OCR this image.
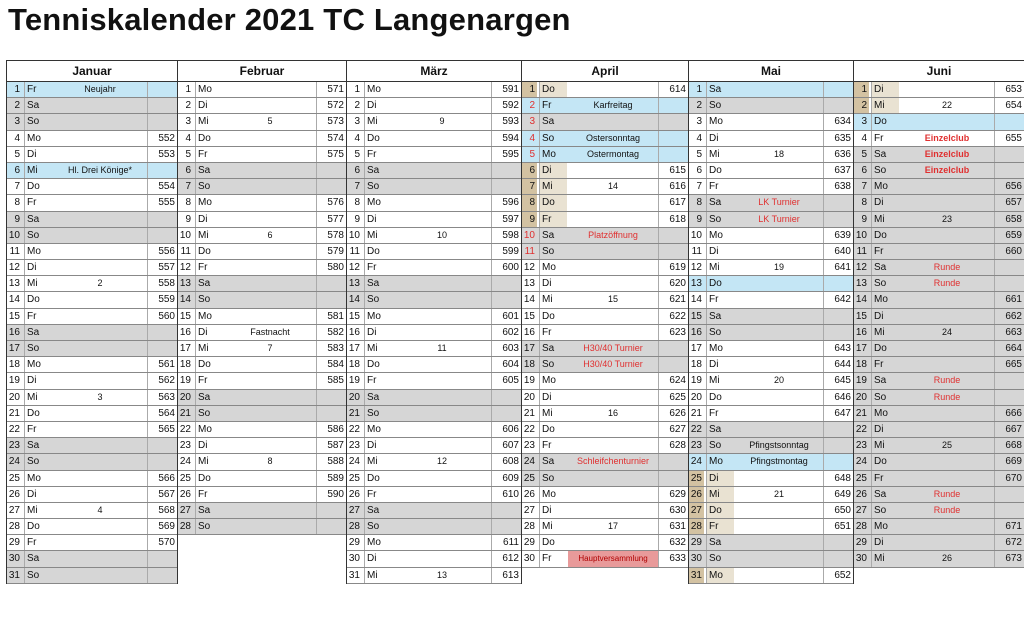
Tenniskalender 2021 TC Langenargen
Januar
1 Fr	Neujahr
2 Sa
3 So
4 Mo	552
5 Di	553
6 Mi	Hl. Drei Könige*
7 Do	554
8 Fr	555
9 Sa
10 So
11 Mo	556
12 Di	557
13 Mi	2	558
14 Do	559
15 Fr	560
16 Sa
17 So
18 Mo	561
19 Di	562
20 Mi	3	563
21 Do	564
22 Fr	565
23 Sa
24 So
25 Mo	566
26 Di	567
27 Mi	4	568
28 Do	569
29 Fr	570
30 Sa
31 So
Februar
1 Mo	571
2 Di	572
3 Mi	5	573
4 Do	574
5 Fr	575
6 Sa
7 So
8 Mo	576
9 Di	577
10 Mi	6	578
11 Do	579
12 Fr	580
13 Sa
14 So
15 Mo	581
16 Di	Fastnacht	582
17 Mi	7	583
18 Do	584
19 Fr	585
20 Sa
21 So
22 Mo	586
23 Di	587
24 Mi	8	588
25 Do	589
26 Fr	590
27 Sa
28 So
März
1 Mo	591
2 Di	592
3 Mi	9	593
4 Do	594
5 Fr	595
6 Sa
7 So
8 Mo	596
9 Di	597
10 Mi	10	598
11 Do	599
12 Fr	600
13 Sa
14 So
15 Mo	601
16 Di	602
17 Mi	11	603
18 Do	604
19 Fr	605
20 Sa
21 So
22 Mo	606
23 Di	607
24 Mi	12	608
25 Do	609
26 Fr	610
27 Sa
28 So
29 Mo	611
30 Di	612
31 Mi	13	613
April
1 Do	614
2 Fr	Karfreitag
3 Sa
4 So	Ostersonntag
5 Mo	Ostermontag
6 Di	615
7 Mi	14	616
8 Do	617
9 Fr	618
10 Sa	Platzöffnung
11 So
12 Mo	619
13 Di	620
14 Mi	15	621
15 Do	622
16 Fr	623
17 Sa	H30/40 Turnier
18 So	H30/40 Turnier
19 Mo	624
20 Di	625
21 Mi	16	626
22 Do	627
23 Fr	628
24 Sa	Schleifchenturnier
25 So
26 Mo	629
27 Di	630
28 Mi	17	631
29 Do	632
30 Fr	Hauptversammlung	633
Mai
1 Sa
2 So
3 Mo	634
4 Di	635
5 Mi	18	636
6 Do	637
7 Fr	638
8 Sa	LK Turnier
9 So	LK Turnier
10 Mo	639
11 Di	640
12 Mi	19	641
13 Do
14 Fr	642
15 Sa
16 So
17 Mo	643
18 Di	644
19 Mi	20	645
20 Do	646
21 Fr	647
22 Sa
23 So	Pfingstsonntag
24 Mo	Pfingstmontag
25 Di	648
26 Mi	21	649
27 Do	650
28 Fr	651
29 Sa
30 So
31 Mo	652
Juni
1 Di	653
2 Mi	22	654
3 Do
4 Fr	Einzelclub	655
5 Sa	Einzelclub
6 So	Einzelclub
7 Mo	656
8 Di	657
9 Mi	23	658
10 Do	659
11 Fr	660
12 Sa	Runde
13 So	Runde
14 Mo	661
15 Di	662
16 Mi	24	663
17 Do	664
18 Fr	665
19 Sa	Runde
20 So	Runde
21 Mo	666
22 Di	667
23 Mi	25	668
24 Do	669
25 Fr	670
26 Sa	Runde
27 So	Runde
28 Mo	671
29 Di	672
30 Mi	26	673
